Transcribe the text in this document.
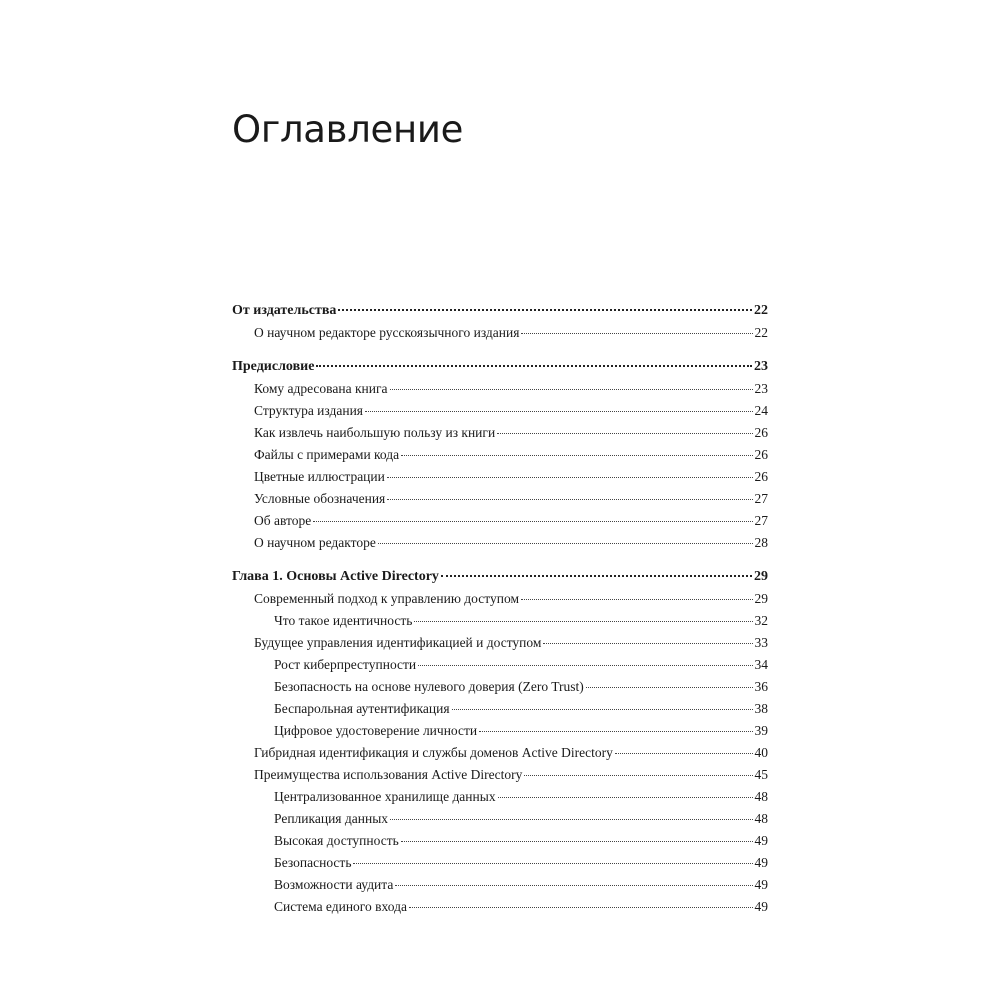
Оглавление
От издательства	22
О научном редакторе русскоязычного издания	22
Предисловие	23
Кому адресована книга	23
Структура издания	24
Как извлечь наибольшую пользу из книги	26
Файлы с примерами кода	26
Цветные иллюстрации	26
Условные обозначения	27
Об авторе	27
О научном редакторе	28
Глава 1. Основы Active Directory	29
Современный подход к управлению доступом	29
Что такое идентичность	32
Будущее управления идентификацией и доступом	33
Рост киберпреступности	34
Безопасность на основе нулевого доверия (Zero Trust)	36
Беспарольная аутентификация	38
Цифровое удостоверение личности	39
Гибридная идентификация и службы доменов Active Directory	40
Преимущества использования Active Directory	45
Централизованное хранилище данных	48
Репликация данных	48
Высокая доступность	49
Безопасность	49
Возможности аудита	49
Система единого входа	49
